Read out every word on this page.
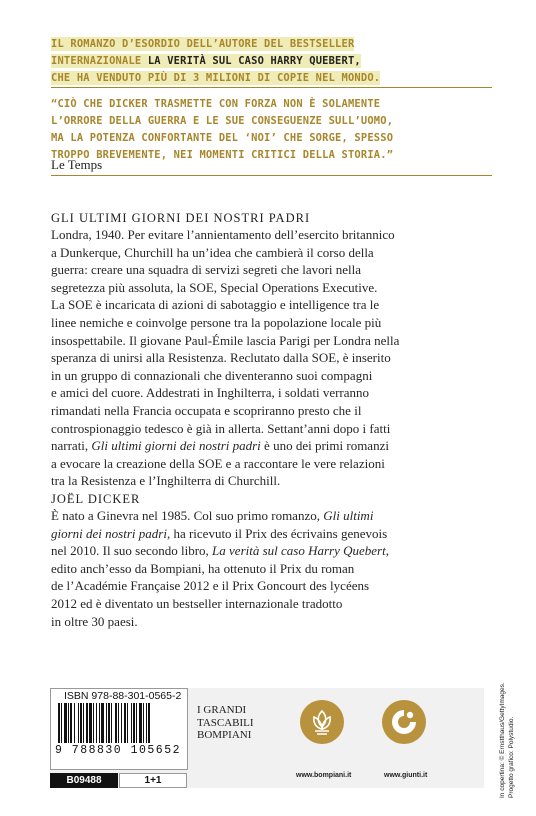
IL ROMANZO D’ESORDIO DELL’AUTORE DEL BESTSELLER
INTERNAZIONALE LA VERITÀ SUL CASO HARRY QUEBERT,
CHE HA VENDUTO PIÙ DI 3 MILIONI DI COPIE NEL MONDO.
“CIÒ CHE DICKER TRASMETTE CON FORZA NON È SOLAMENTE
L’ORRORE DELLA GUERRA E LE SUE CONSEGUENZE SULL’UOMO,
MA LA POTENZA CONFORTANTE DEL ‘NOI’ CHE SORGE, SPESSO
TROPPO BREVEMENTE, NEI MOMENTI CRITICI DELLA STORIA.”
Le Temps
GLI ULTIMI GIORNI DEI NOSTRI PADRI
Londra, 1940. Per evitare l’annientamento dell’esercito britannico
a Dunkerque, Churchill ha un’idea che cambierà il corso della
guerra: creare una squadra di servizi segreti che lavori nella
segretezza più assoluta, la SOE, Special Operations Executive.
La SOE è incaricata di azioni di sabotaggio e intelligence tra le
linee nemiche e coinvolge persone tra la popolazione locale più
insospettabile. Il giovane Paul-Émile lascia Parigi per Londra nella
speranza di unirsi alla Resistenza. Reclutato dalla SOE, è inserito
in un gruppo di connazionali che diventeranno suoi compagni
e amici del cuore. Addestrati in Inghilterra, i soldati verranno
rimandati nella Francia occupata e scopriranno presto che il
controspionaggio tedesco è già in allerta. Settant’anni dopo i fatti
narrati, Gli ultimi giorni dei nostri padri è uno dei primi romanzi
a evocare la creazione della SOE e a raccontare le vere relazioni
tra la Resistenza e l’Inghilterra di Churchill.
JOËL DICKER
È nato a Ginevra nel 1985. Col suo primo romanzo, Gli ultimi
giorni dei nostri padri, ha ricevuto il Prix des écrivains genevois
nel 2010. Il suo secondo libro, La verità sul caso Harry Quebert,
edito anch’esso da Bompiani, ha ottenuto il Prix du roman
de l’Académie Française 2012 e il Prix Goncourt des lycéens
2012 ed è diventato un bestseller internazionale tradotto
in oltre 30 paesi.
ISBN 978-88-301-0565-2
9 788830 105652
B09488	1+1
I GRANDI
TASCABILI
BOMPIANI
www.bompiani.it	www.giunti.it	In copertina: © Ernstthaus/GettyImages. Progetto grafico: Polystudio.
